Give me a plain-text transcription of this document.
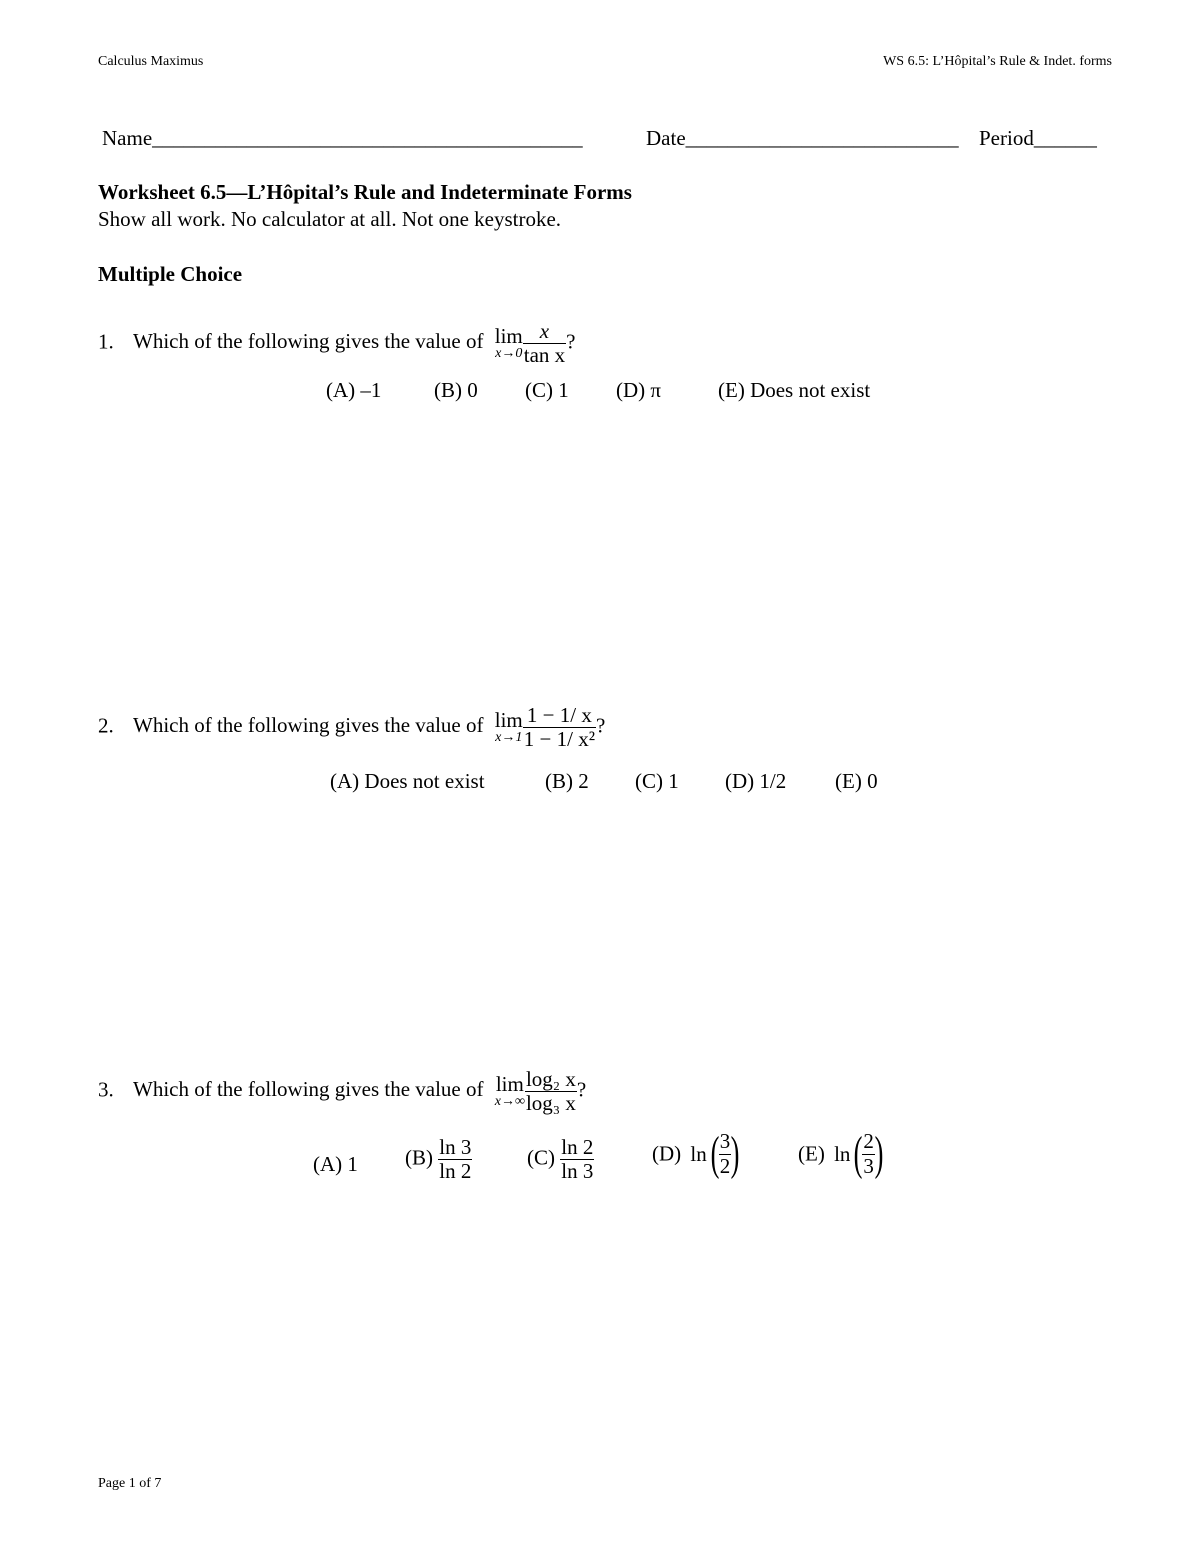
Calculus Maximus	WS 6.5: L’Hôpital’s Rule & Indet. forms
Name_________________________________________	Date__________________________ Period______
Worksheet 6.5—L’Hôpital’s Rule and Indeterminate Forms
Show all work. No calculator at all. Not one keystroke.
Multiple Choice
1. Which of the following gives the value of lim
$x\to 0 \frac{x}{\text{tan x}}$ ?
(A) –1	(B) 0 (C) 1 (D) π	(E) Does not exist
2. Which of the following gives the value of lim
$x\to 1 \frac{1 - 1/ x}{\text{1 − 1/ x²}}$ ?
(A) Does not exist	(B) 2 (C) 1 (D) 1/2 (E) 0
3. Which of the following gives the value of lim
$x\to\infty \frac{\text{log₂ x}}{\text{log₃ x}}$ ?
(A) 1 $(B) \frac{\ln 3}{\ln 2}$	$(C) \frac{\ln 2}{\ln 3}$	(D) $\ln( \frac{3}{2}$ )	(E) $\ln( \frac{2}{3}$ )
Page 1 of 7
